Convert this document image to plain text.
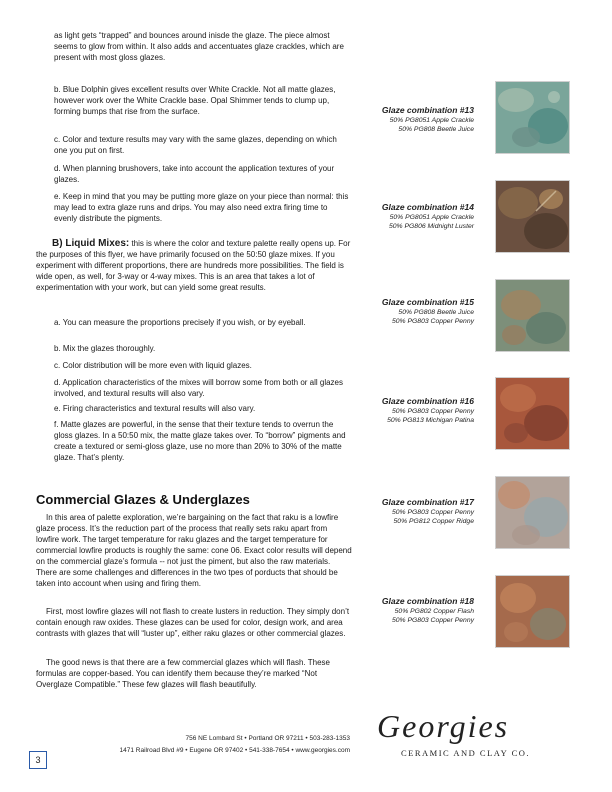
as light gets “trapped” and bounces around inisde the glaze. The piece almost seems to glow from within. It also adds and accentuates glaze crackles, which are present with most gloss glazes.

b. Blue Dolphin gives excellent results over White Crackle. Not all matte glazes, however work over the White Crackle base. Opal Shimmer tends to clump up, forming bumps that rise from the surface.

c. Color and texture results may vary with the same glazes, depending on which one you put on first.

d. When planning brushovers, take into account the application textures of your glazes.

e. Keep in mind that you may be putting more glaze on your piece than normal: this may lead to extra glaze runs and drips. You may also need extra firing time to evenly distribute the pigments.

B) Liquid Mixes: this is where the color and texture palette really opens up. For the purposes of this flyer, we have primarily focused on the 50:50 glaze mixes. If you experiment with different proportions, there are hundreds more possibilities. The field is wide open, as well, for 3-way or 4-way mixes. This is an area that takes a lot of experimentation with your work, but can yield some great results.

a. You can measure the proportions precisely if you wish, or by eyeball.

b. Mix the glazes thoroughly.

c. Color distribution will be more even with liquid glazes.

d. Application characteristics of the mixes will borrow some from both or all glazes involved, and textural results will also vary.

e. Firing characteristics and textural results will also vary.

f. Matte glazes are powerful, in the sense that their texture tends to overrun the gloss glazes. In a 50:50 mix, the matte glaze takes over. To “borrow” pigments and create a textured or semi-gloss glaze, use no more than 20% to 30% of the matte glaze. That’s plenty.

Commercial Glazes & Underglazes

In this area of palette exploration, we’re bargaining on the fact that raku is a lowfire glaze process. It’s the reduction part of the process that really sets raku apart from lowfire work. The target temperature for raku glazes and the target temperature for commercial lowfire products is roughly the same: cone 06. Exact color results will depend on the commercial glaze’s formula -- not just the piment, but also the raw materials. There are some challenges and differences in the two tpes of porducts that should be taken into account when using and firing them.

First, most lowfire glazes will not flash to create lusters in reduction. They simply don’t contain enough raw oxides. These glazes can be used for color, design work, and area contrasts with glazes that will “luster up”, either raku glazes or other commercial glazes.

The good news is that there are a few commercial glazes which will flash. These formulas are copper-based. You can identify them because they’re marked “Not Overglaze Compatible.” These few glazes will flash beautifully.

Glaze combination #13
50% PG8051 Apple Crackle
50% PG808 Beetle Juice
Glaze combination #14
50% PG8051 Apple Crackle
50% PG806 Midnight Luster
Glaze combination #15
50% PG808 Beetle Juice
50% PG803 Copper Penny
Glaze combination #16
50% PG803 Copper Penny
50% PG813 Michigan Patina
Glaze combination #17
50% PG803 Copper Penny
50% PG812 Copper Ridge
Glaze combination #18
50% PG802 Copper Flash
50% PG803 Copper Penny
756 NE Lombard St • Portland OR 97211 • 503-283-1353
1471 Railroad Blvd #9 • Eugene OR 97402 • 541-338-7654 • www.georgies.com
Georgies
CERAMIC AND CLAY CO.
3
